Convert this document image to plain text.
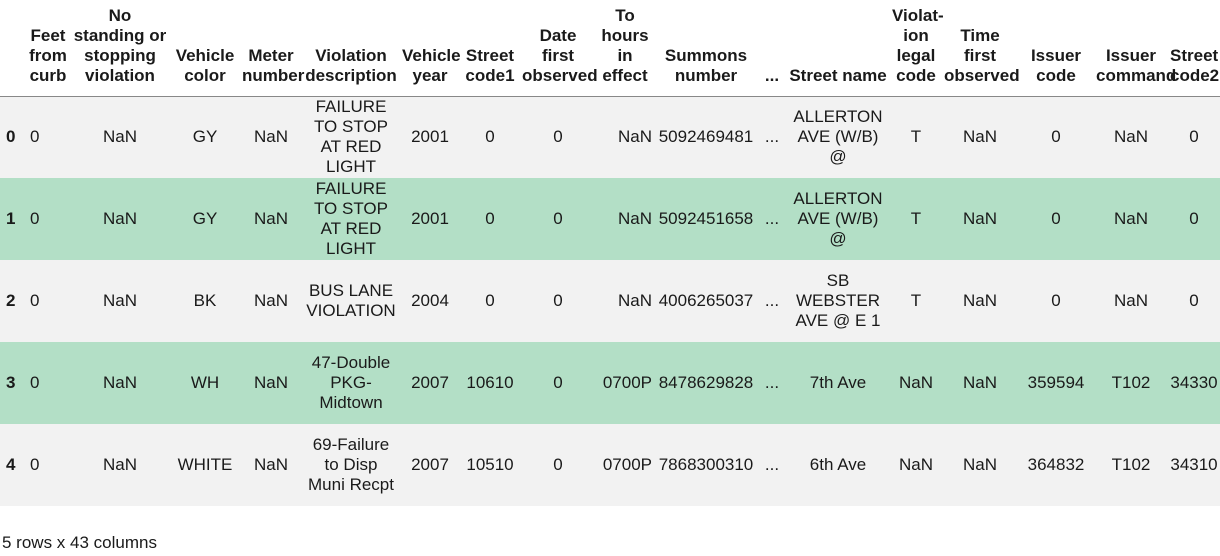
	Feet from curb	No standing or stopping violation	Vehicle color	Meter number	Violation description	Vehicle year	Street code1	Date first observed	To hours in effect	Summons number	...	Street name	Violat-ion legal code	Time first observed	Issuer code	Issuer command	Street code2
0	0	NaN	GY	NaN	FAILURE TO STOP AT RED LIGHT	2001	0	0	NaN	5092469481	...	ALLERTON AVE (W/B) @	T	NaN	0	NaN	0
1	0	NaN	GY	NaN	FAILURE TO STOP AT RED LIGHT	2001	0	0	NaN	5092451658	...	ALLERTON AVE (W/B) @	T	NaN	0	NaN	0
2	0	NaN	BK	NaN	BUS LANE VIOLATION	2004	0	0	NaN	4006265037	...	SB WEBSTER AVE @ E 1	T	NaN	0	NaN	0
3	0	NaN	WH	NaN	47-Double PKG-Midtown	2007	10610	0	0700P	8478629828	...	7th Ave	NaN	NaN	359594	T102	34330
4	0	NaN	WHITE	NaN	69-Failure to Disp Muni Recpt	2007	10510	0	0700P	7868300310	...	6th Ave	NaN	NaN	364832	T102	34310
5 rows x 43 columns
